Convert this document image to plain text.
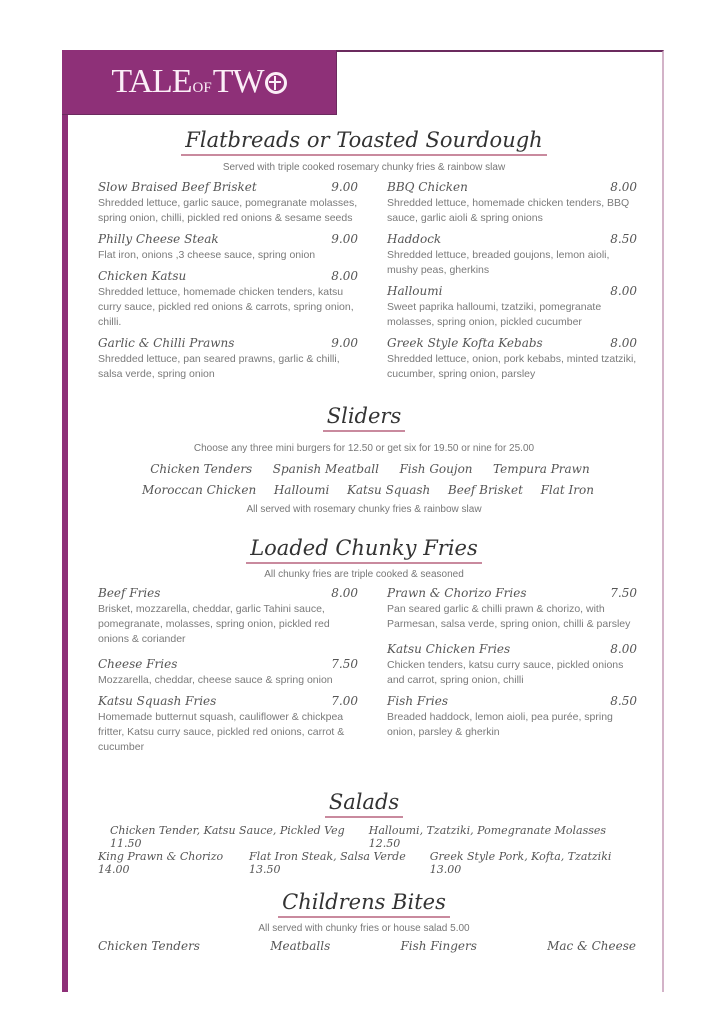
TALE OF TW
Flatbreads or Toasted Sourdough
Served with triple cooked rosemary chunky fries & rainbow slaw
Slow Braised Beef Brisket	9.00
Shredded lettuce, garlic sauce, pomegranate molasses, spring onion, chilli, pickled red onions & sesame seeds
Philly Cheese Steak	9.00
Flat iron, onions ,3 cheese sauce, spring onion
Chicken Katsu	8.00
Shredded lettuce, homemade chicken tenders, katsu curry sauce, pickled red onions & carrots, spring onion, chilli.
Garlic & Chilli Prawns	9.00
Shredded lettuce, pan seared prawns, garlic & chilli, salsa verde, spring onion
BBQ Chicken	8.00
Shredded lettuce, homemade chicken tenders, BBQ sauce, garlic aioli & spring onions
Haddock	8.50
Shredded lettuce, breaded goujons, lemon aioli, mushy peas, gherkins
Halloumi	8.00
Sweet paprika halloumi, tzatziki, pomegranate molasses, spring onion, pickled cucumber
Greek Style Kofta Kebabs	8.00
Shredded lettuce, onion, pork kebabs, minted tzatziki, cucumber, spring onion, parsley
Sliders
Choose any three mini burgers for 12.50 or get six for 19.50 or nine for 25.00
Chicken Tenders Spanish Meatball Fish Goujon Tempura Prawn
Moroccan Chicken Halloumi Katsu Squash Beef Brisket Flat Iron
All served with rosemary chunky fries & rainbow slaw
Loaded Chunky Fries
All chunky fries are triple cooked & seasoned
Beef Fries	8.00
Brisket, mozzarella, cheddar, garlic Tahini sauce, pomegranate, molasses, spring onion, pickled red onions & coriander
Cheese Fries	7.50
Mozzarella, cheddar, cheese sauce & spring onion
Katsu Squash Fries	7.00
Homemade butternut squash, cauliflower & chickpea fritter, Katsu curry sauce, pickled red onions, carrot & cucumber
Prawn & Chorizo Fries	7.50
Pan seared garlic & chilli prawn & chorizo, with Parmesan, salsa verde, spring onion, chilli & parsley
Katsu Chicken Fries	8.00
Chicken tenders, katsu curry sauce, pickled onions and carrot, spring onion, chilli
Fish Fries	8.50
Breaded haddock, lemon aioli, pea purée, spring onion, parsley & gherkin
Salads
Chicken Tender, Katsu Sauce, Pickled Veg 11.50
Halloumi, Tzatziki, Pomegranate Molasses 12.50
King Prawn & Chorizo 14.00
Flat Iron Steak, Salsa Verde 13.50
Greek Style Pork, Kofta, Tzatziki 13.00
Childrens Bites
All served with chunky fries or house salad 5.00
Chicken Tenders	Meatballs	Fish Fingers	Mac & Cheese
